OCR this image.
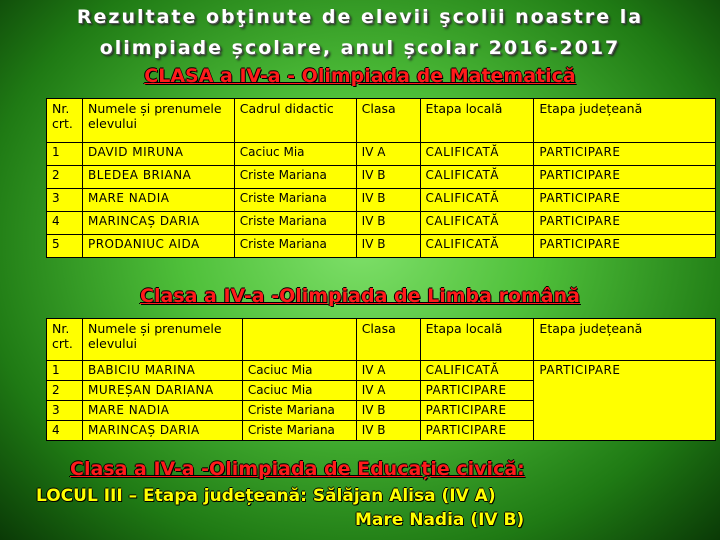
Rezultate obţinute de elevii şcolii noastre la
olimpiade școlare, anul școlar 2016-2017
CLASA a IV-a - Olimpiada de Matematică
Nr. crt.	Numele și prenumele elevului	Cadrul didactic	Clasa	Etapa locală	Etapa județeană
1	DAVID MIRUNA	Caciuc Mia	IV A	CALIFICATĂ	PARTICIPARE
2	BLEDEA BRIANA	Criste Mariana	IV B	CALIFICATĂ	PARTICIPARE
3	MARE NADIA	Criste Mariana	IV B	CALIFICATĂ	PARTICIPARE
4	MARINCAȘ DARIA	Criste Mariana	IV B	CALIFICATĂ	PARTICIPARE
5	PRODANIUC AIDA	Criste Mariana	IV B	CALIFICATĂ	PARTICIPARE
Clasa a IV-a -Olimpiada de Limba română
Nr. crt.	Numele și prenumele elevului		Clasa	Etapa locală	Etapa județeană
1	BABICIU MARINA	Caciuc Mia	IV A	CALIFICATĂ	PARTICIPARE
2	MUREȘAN DARIANA	Caciuc Mia	IV A	PARTICIPARE	
3	MARE NADIA	Criste Mariana	IV B	PARTICIPARE	
4	MARINCAȘ DARIA	Criste Mariana	IV B	PARTICIPARE	
Clasa a IV-a -Olimpiada de Educație civică:
LOCUL III – Etapa județeană: Sălăjan Alisa (IV A)
Mare Nadia (IV B)
